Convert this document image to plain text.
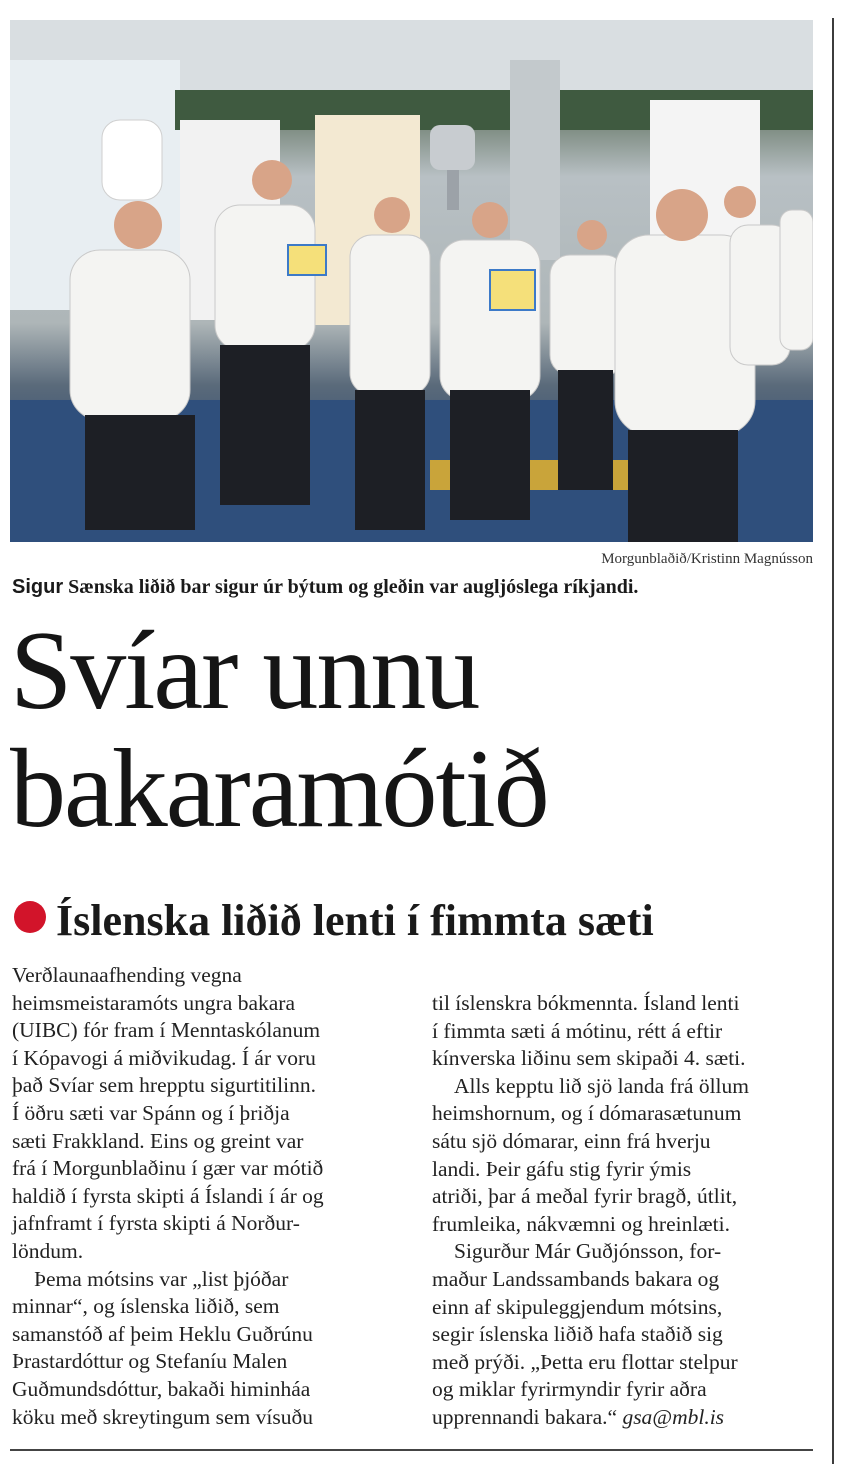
Morgunblaðið/Kristinn Magnússon
Sigur Sænska liðið bar sigur úr býtum og gleðin var augljóslega ríkjandi.
Svíar unnu
bakaramótið
Íslenska liðið lenti í fimmta sæti
Verðlaunaafhending vegna
heimsmeistaramóts ungra bakara
(UIBC) fór fram í Menntaskólanum
í Kópavogi á miðvikudag. Í ár voru
það Svíar sem hrepptu sigurtitilinn.
Í öðru sæti var Spánn og í þriðja
sæti Frakkland. Eins og greint var
frá í Morgunblaðinu í gær var mótið
haldið í fyrsta skipti á Íslandi í ár og
jafnframt í fyrsta skipti á Norður-
löndum.
Þema mótsins var „list þjóðar
minnar“, og íslenska liðið, sem
samanstóð af þeim Heklu Guðrúnu
Þrastardóttur og Stefaníu Malen
Guðmundsdóttur, bakaði himinháa
köku með skreytingum sem vísuðu
til íslenskra bókmennta. Ísland lenti
í fimmta sæti á mótinu, rétt á eftir
kínverska liðinu sem skipaði 4. sæti.
Alls kepptu lið sjö landa frá öllum
heimshornum, og í dómarasætunum
sátu sjö dómarar, einn frá hverju
landi. Þeir gáfu stig fyrir ýmis
atriði, þar á meðal fyrir bragð, útlit,
frumleika, nákvæmni og hreinlæti.
Sigurður Már Guðjónsson, for-
maður Landssambands bakara og
einn af skipuleggjendum mótsins,
segir íslenska liðið hafa staðið sig
með prýði. „Þetta eru flottar stelpur
og miklar fyrirmyndir fyrir aðra
upprennandi bakara.“ gsa@mbl.is
